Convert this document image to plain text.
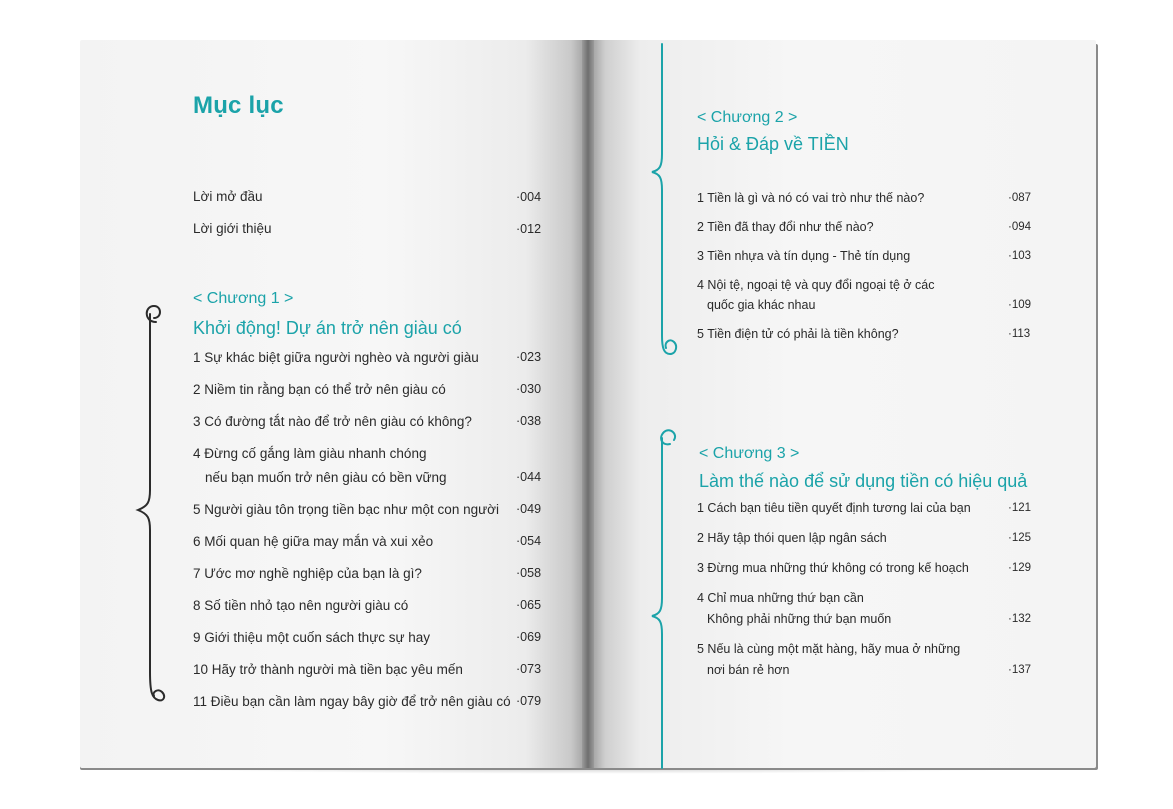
Mục lục
Lời mở đầu	·004
Lời giới thiệu	·012
< Chương 1 >
Khởi động! Dự án trở nên giàu có
1 Sự khác biệt giữa người nghèo và người giàu	·023
2 Niềm tin rằng bạn có thể trở nên giàu có	·030
3 Có đường tắt nào để trở nên giàu có không?	·038
4 Đừng cố gắng làm giàu nhanh chóng
nếu bạn muốn trở nên giàu có bền vững	·044
5 Người giàu tôn trọng tiền bạc như một con người ·049
6 Mối quan hệ giữa may mắn và xui xẻo	·054
7 Ước mơ nghề nghiệp của bạn là gì?	·058
8 Số tiền nhỏ tạo nên người giàu có	·065
9 Giới thiệu một cuốn sách thực sự hay	·069
10 Hãy trở thành người mà tiền bạc yêu mến	·073
11 Điều bạn cần làm ngay bây giờ để trở nên giàu có ·079
< Chương 2 >
Hỏi & Đáp về TIỀN
1 Tiền là gì và nó có vai trò như thế nào?	·087
2 Tiền đã thay đổi như thế nào?	·094
3 Tiền nhựa và tín dụng - Thẻ tín dụng	·103
4 Nội tệ, ngoại tệ và quy đổi ngoại tệ ở các
quốc gia khác nhau	·109
5 Tiền điện tử có phải là tiền không?	·113
< Chương 3 >
Làm thế nào để sử dụng tiền có hiệu quả
1 Cách bạn tiêu tiền quyết định tương lai của bạn	·121
2 Hãy tập thói quen lập ngân sách	·125
3 Đừng mua những thứ không có trong kế hoạch	·129
4 Chỉ mua những thứ bạn cần
Không phải những thứ bạn muốn	·132
5 Nếu là cùng một mặt hàng, hãy mua ở những
nơi bán rẻ hơn	·137
